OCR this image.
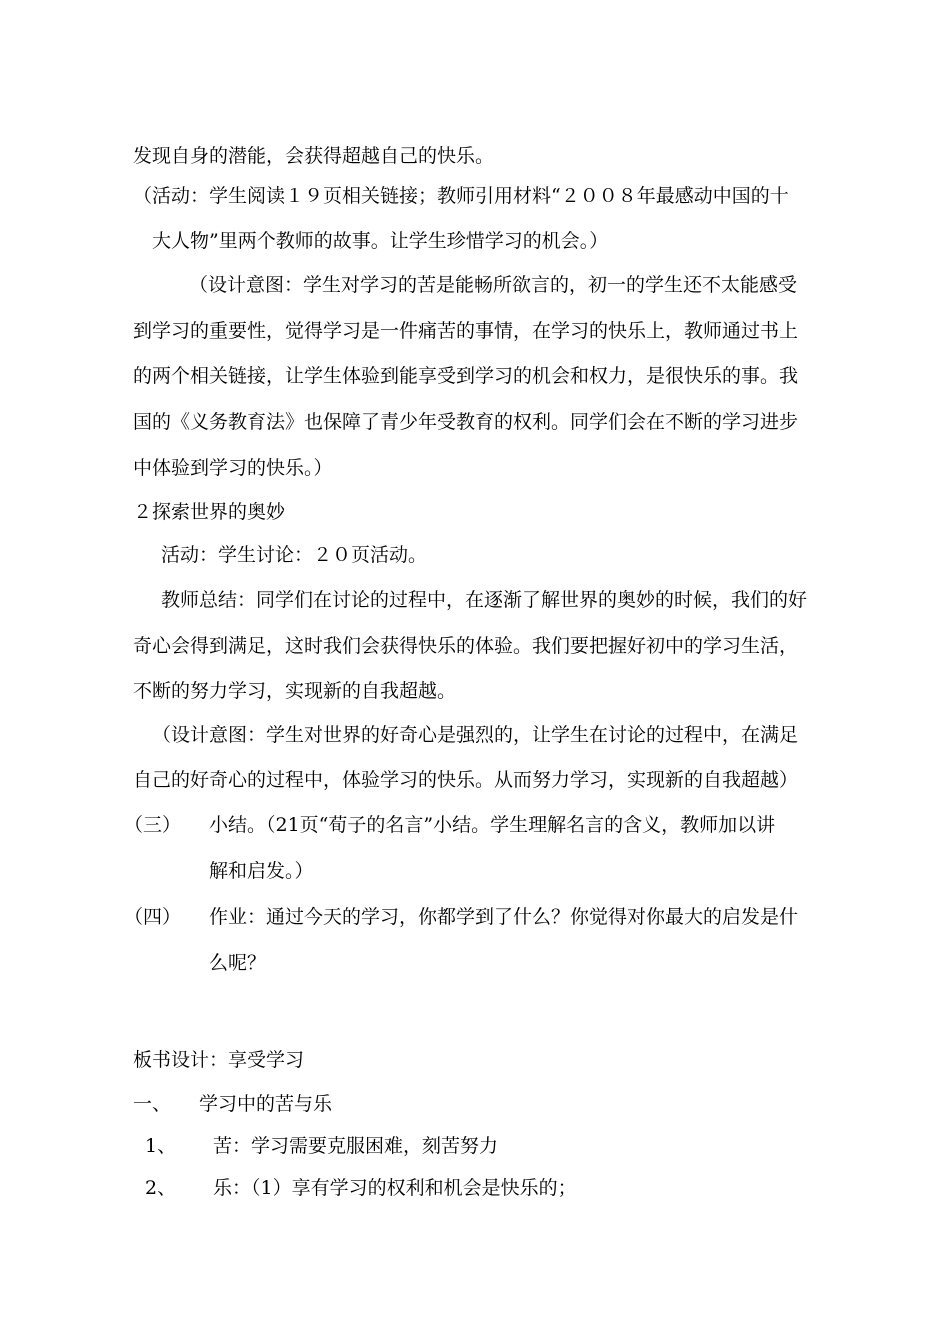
发现自身的潜能，会获得超越自己的快乐。
（活动：学生阅读１９页相关链接；教师引用材料“２００８年最感动中国的十
大人物”里两个教师的故事。让学生珍惜学习的机会。）
（设计意图：学生对学习的苦是能畅所欲言的，初一的学生还不太能感受
到学习的重要性，觉得学习是一件痛苦的事情，在学习的快乐上，教师通过书上
的两个相关链接，让学生体验到能享受到学习的机会和权力，是很快乐的事。我
国的《义务教育法》也保障了青少年受教育的权利。同学们会在不断的学习进步
中体验到学习的快乐。）
２探索世界的奥妙
活动：学生讨论：２０页活动。
教师总结：同学们在讨论的过程中，在逐渐了解世界的奥妙的时候，我们的好
奇心会得到满足，这时我们会获得快乐的体验。我们要把握好初中的学习生活，
不断的努力学习，实现新的自我超越。
（设计意图：学生对世界的好奇心是强烈的，让学生在讨论的过程中，在满足
自己的好奇心的过程中，体验学习的快乐。从而努力学习，实现新的自我超越）
（三） 小结。（21页“荀子的名言”小结。学生理解名言的含义，教师加以讲
解和启发。）
（四） 作业：通过今天的学习，你都学到了什么？你觉得对你最大的启发是什
么呢？
板书设计：享受学习
一、 学习中的苦与乐
1、 苦：学习需要克服困难，刻苦努力
2、 乐：（1）享有学习的权利和机会是快乐的；
